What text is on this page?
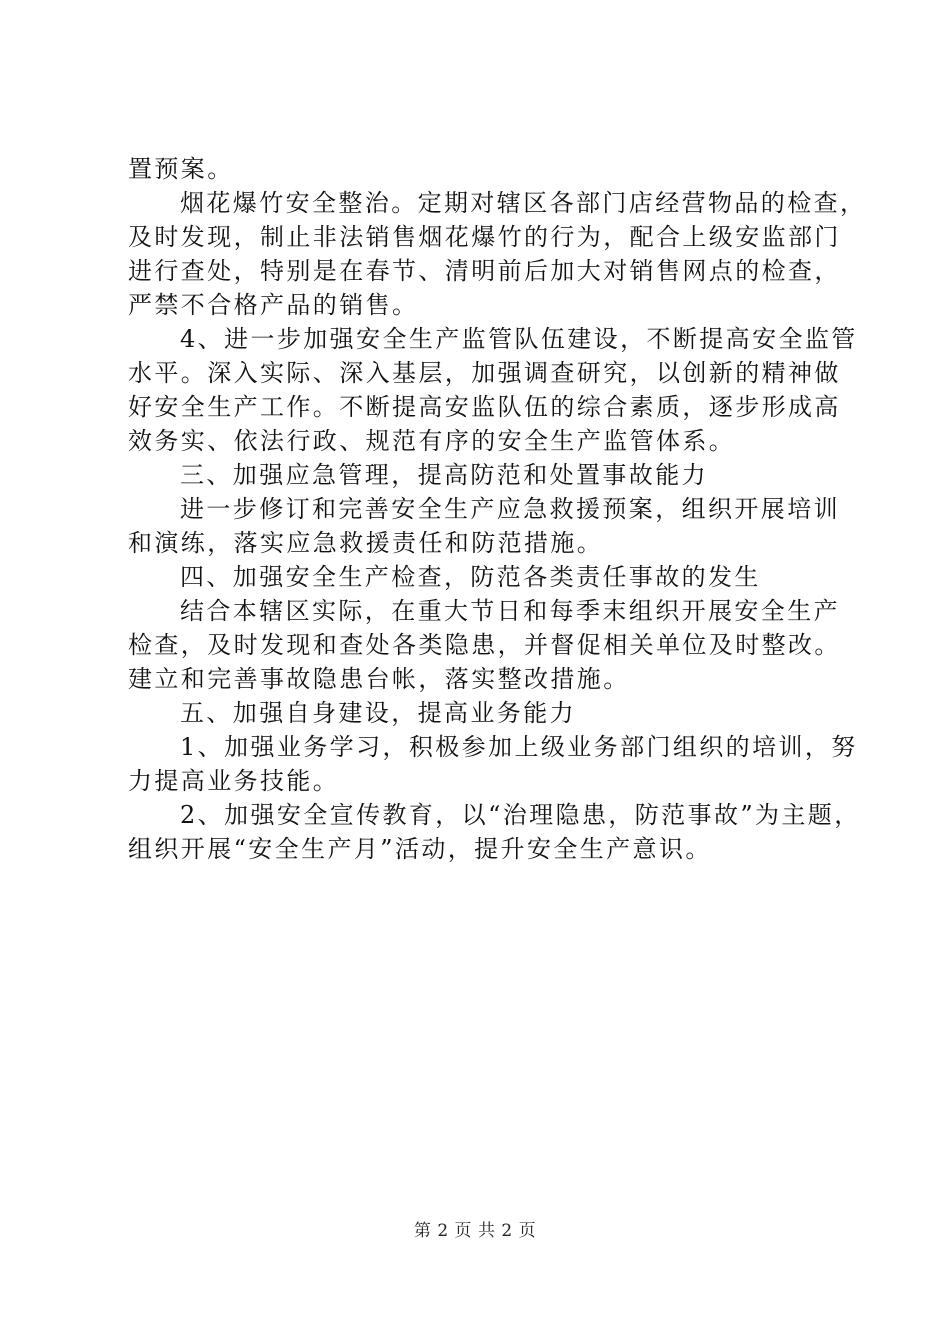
置预案。
烟花爆竹安全整治。定期对辖区各部门店经营物品的检查，
及时发现，制止非法销售烟花爆竹的行为，配合上级安监部门
进行查处，特别是在春节、清明前后加大对销售网点的检查，
严禁不合格产品的销售。
4、进一步加强安全生产监管队伍建设，不断提高安全监管
水平。深入实际、深入基层，加强调查研究，以创新的精神做
好安全生产工作。不断提高安监队伍的综合素质，逐步形成高
效务实、依法行政、规范有序的安全生产监管体系。
三、加强应急管理，提高防范和处置事故能力
进一步修订和完善安全生产应急救援预案，组织开展培训
和演练，落实应急救援责任和防范措施。
四、加强安全生产检查，防范各类责任事故的发生
结合本辖区实际，在重大节日和每季末组织开展安全生产
检查，及时发现和查处各类隐患，并督促相关单位及时整改。
建立和完善事故隐患台帐，落实整改措施。
五、加强自身建设，提高业务能力
1、加强业务学习，积极参加上级业务部门组织的培训，努
力提高业务技能。
2、加强安全宣传教育，以“治理隐患，防范事故”为主题，
组织开展“安全生产月”活动，提升安全生产意识。
第 2 页 共 2 页
